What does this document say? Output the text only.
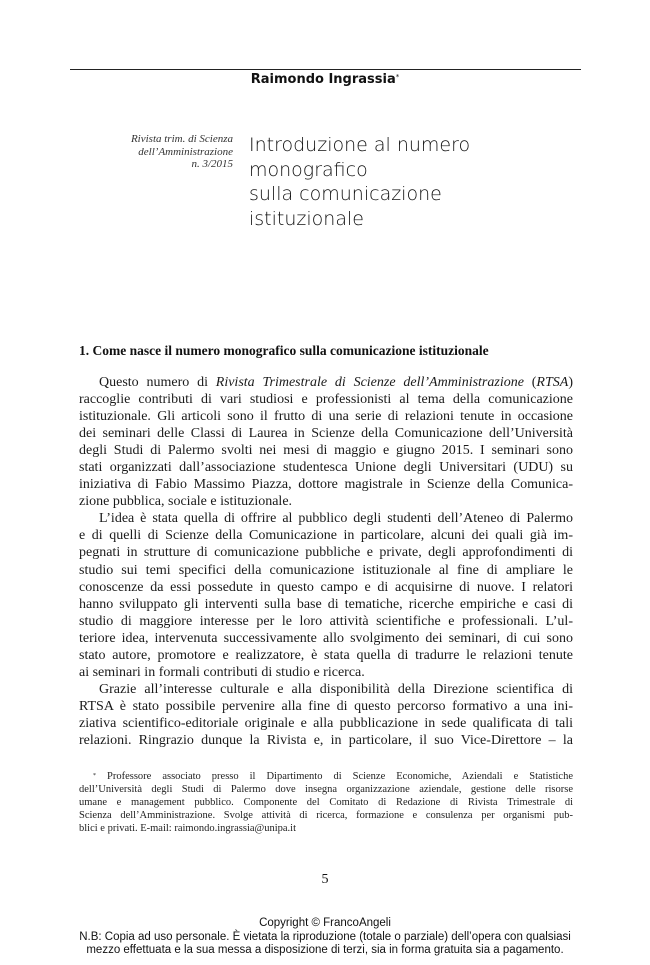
Raimondo Ingrassia*
Rivista trim. di Scienza
dell’Amministrazione
n. 3/2015
Introduzione al numero
monografico
sulla comunicazione
istituzionale
1. Come nasce il numero monografico sulla comunicazione istituzionale
Questo numero di Rivista Trimestrale di Scienze dell’Amministrazione (RTSA)
raccoglie contributi di vari studiosi e professionisti al tema della comunicazione
istituzionale. Gli articoli sono il frutto di una serie di relazioni tenute in occasione
dei seminari delle Classi di Laurea in Scienze della Comunicazione dell’Università
degli Studi di Palermo svolti nei mesi di maggio e giugno 2015. I seminari sono
stati organizzati dall’associazione studentesca Unione degli Universitari (UDU) su
iniziativa di Fabio Massimo Piazza, dottore magistrale in Scienze della Comunica-
zione pubblica, sociale e istituzionale.
L’idea è stata quella di offrire al pubblico degli studenti dell’Ateneo di Palermo
e di quelli di Scienze della Comunicazione in particolare, alcuni dei quali già im-
pegnati in strutture di comunicazione pubbliche e private, degli approfondimenti di
studio sui temi specifici della comunicazione istituzionale al fine di ampliare le
conoscenze da essi possedute in questo campo e di acquisirne di nuove. I relatori
hanno sviluppato gli interventi sulla base di tematiche, ricerche empiriche e casi di
studio di maggiore interesse per le loro attività scientifiche e professionali. L’ul-
teriore idea, intervenuta successivamente allo svolgimento dei seminari, di cui sono
stato autore, promotore e realizzatore, è stata quella di tradurre le relazioni tenute
ai seminari in formali contributi di studio e ricerca.
Grazie all’interesse culturale e alla disponibilità della Direzione scientifica di
RTSA è stato possibile pervenire alla fine di questo percorso formativo a una ini-
ziativa scientifico-editoriale originale e alla pubblicazione in sede qualificata di tali
relazioni. Ringrazio dunque la Rivista e, in particolare, il suo Vice-Direttore – la
* Professore associato presso il Dipartimento di Scienze Economiche, Aziendali e Statistiche
dell’Università degli Studi di Palermo dove insegna organizzazione aziendale, gestione delle risorse
umane e management pubblico. Componente del Comitato di Redazione di Rivista Trimestrale di
Scienza dell’Amministrazione. Svolge attività di ricerca, formazione e consulenza per organismi pub-
blici e privati. E-mail: raimondo.ingrassia@unipa.it
5
Copyright © FrancoAngeli
N.B: Copia ad uso personale. È vietata la riproduzione (totale o parziale) dell’opera con qualsiasi
mezzo effettuata e la sua messa a disposizione di terzi, sia in forma gratuita sia a pagamento.
